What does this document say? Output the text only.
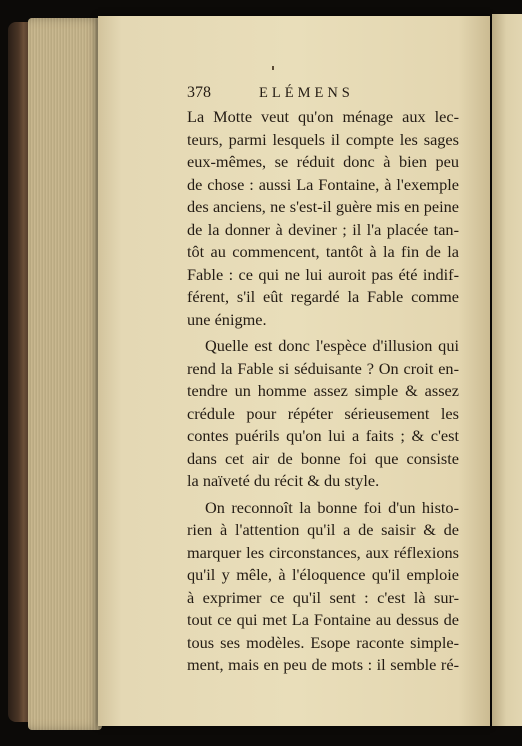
378	ELÉMENS
La Motte veut qu'on ménage aux lec-
teurs, parmi lesquels il compte les sages
eux-mêmes, se réduit donc à bien peu
de chose : aussi La Fontaine, à l'exemple
des anciens, ne s'est-il guère mis en peine
de la donner à deviner ; il l'a placée tan-
tôt au commencent, tantôt à la fin de la
Fable : ce qui ne lui auroit pas été indif-
férent, s'il eût regardé la Fable comme
une énigme.
Quelle est donc l'espèce d'illusion qui
rend la Fable si séduisante ? On croit en-
tendre un homme assez simple & assez
crédule pour répéter sérieusement les
contes puérils qu'on lui a faits ; & c'est
dans cet air de bonne foi que consiste
la naïveté du récit & du style.
On reconnoît la bonne foi d'un histo-
rien à l'attention qu'il a de saisir & de
marquer les circonstances, aux réflexions
qu'il y mêle, à l'éloquence qu'il emploie
à exprimer ce qu'il sent : c'est là sur-
tout ce qui met La Fontaine au dessus de
tous ses modèles. Esope raconte simple-
ment, mais en peu de mots : il semble ré-
